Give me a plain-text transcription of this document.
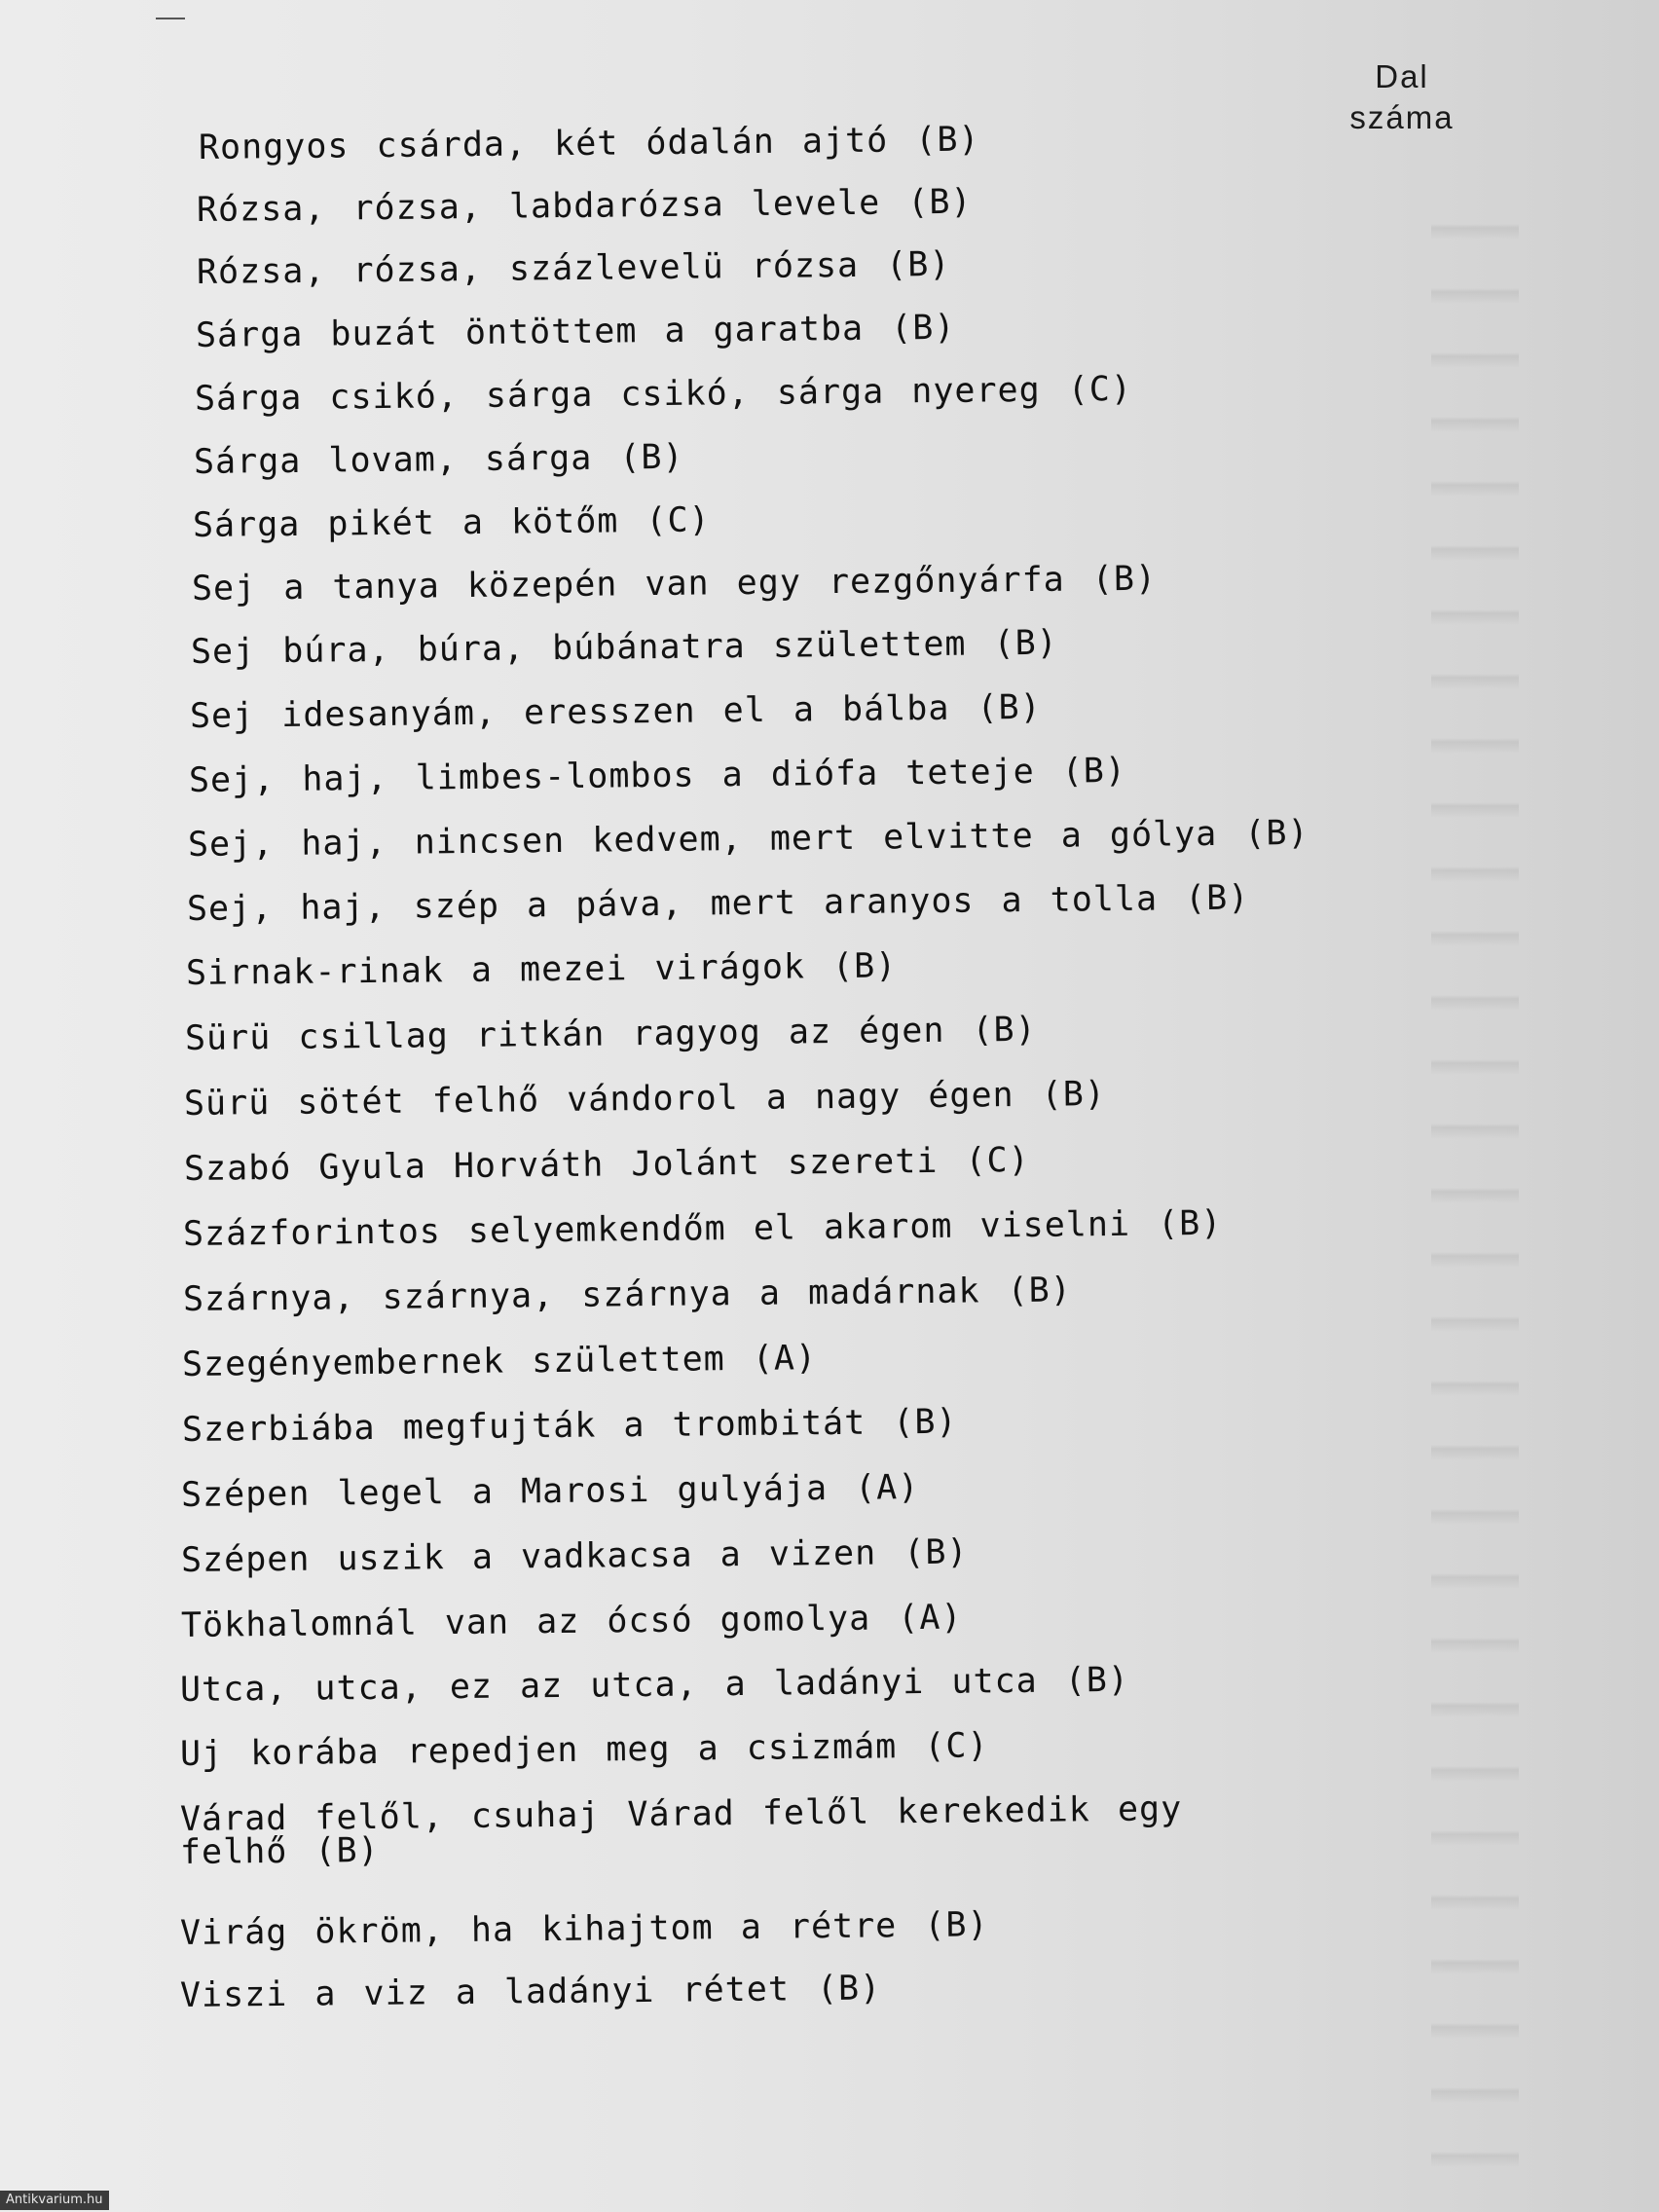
Dal
száma
Rongyos csárda, két ódalán ajtó (B)
Rózsa, rózsa, labdarózsa levele (B)
Rózsa, rózsa, százlevelü rózsa (B)
Sárga buzát öntöttem a garatba (B)
Sárga csikó, sárga csikó, sárga nyereg (C)
Sárga lovam, sárga (B)
Sárga pikét a kötőm (C)
Sej a tanya közepén van egy rezgőnyárfa (B)
Sej búra, búra, búbánatra születtem (B)
Sej idesanyám, eresszen el a bálba (B)
Sej, haj, limbes-lombos a diófa teteje (B)
Sej, haj, nincsen kedvem, mert elvitte a gólya (B)
Sej, haj, szép a páva, mert aranyos a tolla (B)
Sirnak-rinak a mezei virágok (B)
Sürü csillag ritkán ragyog az égen (B)
Sürü sötét felhő vándorol a nagy égen (B)
Szabó Gyula Horváth Jolánt szereti (C)
Százforintos selyemkendőm el akarom viselni (B)
Szárnya, szárnya, szárnya a madárnak (B)
Szegényembernek születtem (A)
Szerbiába megfujták a trombitát (B)
Szépen legel a Marosi gulyája (A)
Szépen uszik a vadkacsa a vizen (B)
Tökhalomnál van az ócsó gomolya (A)
Utca, utca, ez az utca, a ladányi utca (B)
Uj korába repedjen meg a csizmám (C)
Várad felől, csuhaj Várad felől kerekedik egy
felhő (B)
Virág ökröm, ha kihajtom a rétre (B)
Viszi a viz a ladányi rétet (B)
Antikvarium.hu
